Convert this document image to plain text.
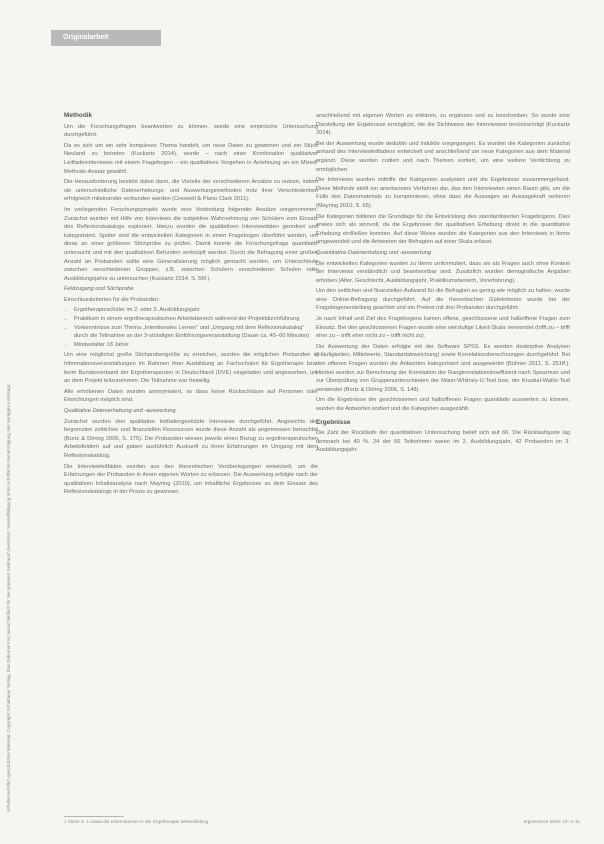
Originalarbeit
Urheberrechtlich geschütztes Material. Copyright Schattauer Verlag. Das Dokument ist ausschließlich für den privaten Gebrauch bestimmt. Vervielfältigung ohne schriftliche Genehmigung des Verlages untersagt.

Methodik

Um die Forschungsfragen beantworten zu können, wurde eine empirische Untersuchung durchgeführt.

Da es sich um ein sehr komplexes Thema handelt, um neue Daten zu gewinnen und ein Stück Neuland zu betreten (Kuckartz 2014), wurde – nach einer Kombination qualitativer Leitfadeninterviews mit einem Fragebogen – ein qualitatives Vorgehen in Anlehnung an ein Mixed-Methods-Ansatz gewählt.

Die Herausforderung besteht dabei darin, die Vorteile der verschiedenen Ansätze zu nutzen, indem sie unterschiedliche Datenerhebungs- und Auswertungsmethoden trotz ihrer Verschiedenheit erfolgreich miteinander verbunden werden (Creswell & Plano Clark 2011).

Im vorliegenden Forschungsprojekt wurde eine Verbindung folgender Ansätze vorgenommen: Zunächst wurden mit Hilfe von Interviews die subjektive Wahrnehmung von Schülern zum Einsatz des Reflexionskatalogs exploriert. Hierzu wurden die qualitativen Interviewdaten geordnet und kategorisiert. Später sind die entwickelten Kategorien in einen Fragebogen überführt worden, um diese an einer größeren Stichprobe zu prüfen. Damit konnte die Forschungsfrage quantitativ untersucht und mit den qualitativen Befunden verknüpft werden. Durch die Befragung einer großen Anzahl an Probanden sollte eine Generalisierung möglich gemacht werden, um Unterschiede zwischen verschiedenen Gruppen, z.B. zwischen Schülern verschiedener Schulen oder Ausbildungsjahre zu untersuchen (Kuckartz 2014, S. 56f.).

Feldzugang und Stichprobe

Einschlusskriterien für die Probanden:

• Ergotherapieschüler im 2. oder 3. Ausbildungsjahr
• Praktikum in einem ergotherapeutischen Arbeitsbereich während der Projektdurchführung
• Vorkenntnisse zum Thema „Intentionales Lernen“ und „Umgang mit dem Reflexionskatalog“ durch die Teilnahme an der 3-stündigen Einführungsveranstaltung (Dauer ca. 45–60 Minuten)
• Mindestalter 18 Jahre

Um eine möglichst große Stichprobengröße zu erreichen, wurden die möglichen Probanden in Informationsveranstaltungen im Rahmen ihrer Ausbildung an Fachschulen für Ergotherapie bzw. beim Bundesverband der Ergotherapeuten in Deutschland (DVE) eingeladen und angeworben, um an dem Projekt teilzunehmen. Die Teilnahme war freiwillig.

Alle erhobenen Daten wurden anonymisiert, so dass keine Rückschlüsse auf Personen oder Einrichtungen möglich sind.

Qualitative Datenerhebung und -auswertung

Zunächst wurden drei qualitative leitfadengestützte Interviews durchgeführt. Angesichts der begrenzten zeitlichen und finanziellen Ressourcen wurde diese Anzahl als angemessen betrachtet (Bortz & Döring 2006, S. 175). Die Probanden wiesen jeweils einen Bezug zu ergotherapeutischen Arbeitsfeldern auf und gaben ausführlich Auskunft zu ihren Erfahrungen im Umgang mit dem Reflexionskatalog.

Die Interviewleitfäden wurden aus den theoretischen Vorüberlegungen entwickelt, um die Erfahrungen der Probanden in ihrem eigenen Worten zu erfassen. Die Auswertung erfolgte nach der qualitativen Inhaltsanalyse nach Mayring (2010), um inhaltliche Ergebnisse zu dem Einsatz des Reflexionskatalogs in der Praxis zu gewinnen.

anschließend mit eigenen Worten zu erklären, zu ergänzen und zu beschreiben. So wurde eine Darstellung der Ergebnisse ermöglicht, die die Sichtweise der Interviewten berücksichtigt (Kuckartz 2014).

Bei der Auswertung wurde deduktiv und induktiv vorgegangen. Es wurden die Kategorien zunächst anhand des Interviewleitfadens entwickelt und anschließend um neue Kategorien aus dem Material ergänzt. Diese wurden codiert und nach Themen sortiert, um eine weitere Verdichtung zu ermöglichen.

Die Interviews wurden mithilfe der Kategorien analysiert und die Ergebnisse zusammengefasst. Diese Methode stellt ein anerkanntes Verfahren dar, das den Interviewten einen Raum gibt, um die Fülle des Datenmaterials zu komprimieren, ohne dass die Aussagen an Aussagekraft verlieren (Mayring 2010, S. 65).

Die Kategorien bildeten die Grundlage für die Entwicklung des standardisierten Fragebogens. Dies erwies sich als sinnvoll, da die Ergebnisse der qualitativen Erhebung direkt in die quantitative Erhebung einfließen konnten. Auf diese Weise wurden die Kategorien aus den Interviews in Items umgewandelt und die Antworten der Befragten auf einer Skala erfasst.

Quantitative Datenerhebung und -auswertung

Die entwickelten Kategorien wurden zu Items umformuliert, dass sie als Fragen auch ohne Kontext der Interviews verständlich und beantwortbar sind. Zusätzlich wurden demografische Angaben erhoben (Alter, Geschlecht, Ausbildungsjahr, Praktikumsbereich, Vorerfahrung).

Um den zeitlichen und finanziellen Aufwand für die Befragten so gering wie möglich zu halten, wurde eine Online-Befragung durchgeführt. Auf die theoretischen Gütekriterien wurde bei der Fragebogenerstellung geachtet und ein Pretest mit drei Probanden durchgeführt.

Je nach Inhalt und Ziel des Fragebogens kamen offene, geschlossene und halboffene Fragen zum Einsatz. Bei den geschlossenen Fragen wurde eine vierstufige Likert-Skala verwendet (trifft zu – trifft eher zu – trifft eher nicht zu – trifft nicht zu).

Die Auswertung der Daten erfolgte mit der Software SPSS. Es wurden deskriptive Analysen (Häufigkeiten, Mittelwerte, Standardabweichung) sowie Korrelationsberechnungen durchgeführt. Bei den offenen Fragen wurden die Antworten kategorisiert und ausgewertet (Bühner 2011, S. 251ff.). Hierbei wurden zur Berechnung der Korrelation der Rangkorrelationskoeffizient nach Spearman und zur Überprüfung von Gruppenunterschieden der Mann-Whitney-U-Test bzw. der Kruskal-Wallis-Test verwendet (Bortz & Döring 2006, S. 148).

Um die Ergebnisse der geschlossenen und halboffenen Fragen quantitativ auswerten zu können, wurden die Antworten kodiert und die Kategorien ausgezählt.

Ergebnisse

Die Zahl der Rückläufe der quantitativen Untersuchung belief sich auf 66. Die Rücklaufquote lag demnach bei 40 %. 24 der 66 Teilnehmer waren im 2. Ausbildungsjahr, 42 Probanden im 3. Ausbildungsjahr.

1 Siehe S. 1 sowie die Informationen in der Ergotherapie Weiterbildung	ergoscience 2015; 10: 2–11
